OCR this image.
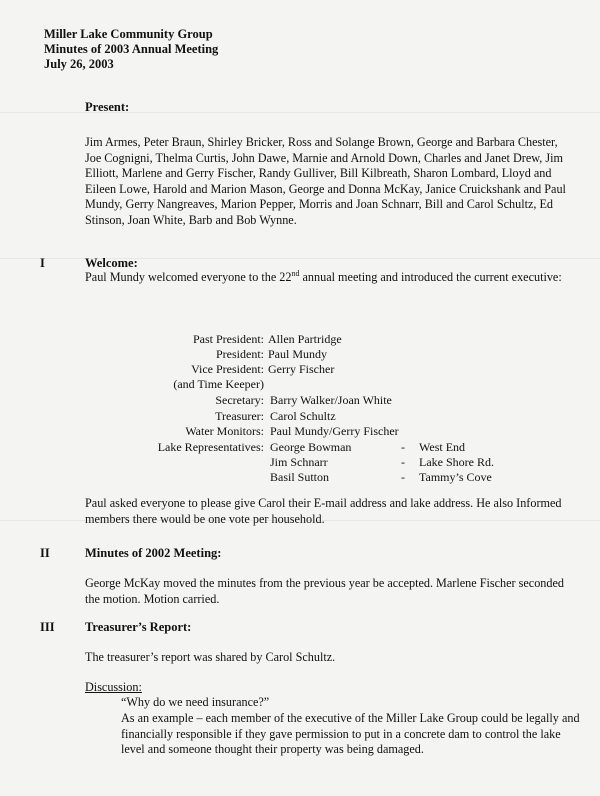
Miller Lake Community Group
Minutes of 2003 Annual Meeting
July 26, 2003
Present:
Jim Armes, Peter Braun, Shirley Bricker, Ross and Solange Brown, George and Barbara Chester, Joe Cognigni, Thelma Curtis, John Dawe, Marnie and Arnold Down, Charles and Janet Drew, Jim Elliott, Marlene and Gerry Fischer, Randy Gulliver, Bill Kilbreath, Sharon Lombard, Lloyd and Eileen Lowe, Harold and Marion Mason, George and Donna McKay, Janice Cruickshank and Paul Mundy, Gerry Nangreaves, Marion Pepper, Morris and Joan Schnarr, Bill and Carol Schultz, Ed Stinson, Joan White, Barb and Bob Wynne.
I	Welcome:
Paul Mundy welcomed everyone to the 22nd annual meeting and introduced the current executive:
Past President: Allen Partridge
President: Paul Mundy
Vice President: Gerry Fischer
(and Time Keeper)
Secretary: Barry Walker/Joan White
Treasurer: Carol Schultz
Water Monitors: Paul Mundy/Gerry Fischer
Lake Representatives: George Bowman	- West End
Jim Schnarr	- Lake Shore Rd.
Basil Sutton	- Tammy’s Cove
Paul asked everyone to please give Carol their E-mail address and lake address. He also Informed members there would be one vote per household.
II	Minutes of 2002 Meeting:
George McKay moved the minutes from the previous year be accepted. Marlene Fischer seconded the motion. Motion carried.
III Treasurer’s Report:
The treasurer’s report was shared by Carol Schultz.
Discussion:
“Why do we need insurance?”
As an example – each member of the executive of the Miller Lake Group could be legally and financially responsible if they gave permission to put in a concrete dam to control the lake level and someone thought their property was being damaged.
